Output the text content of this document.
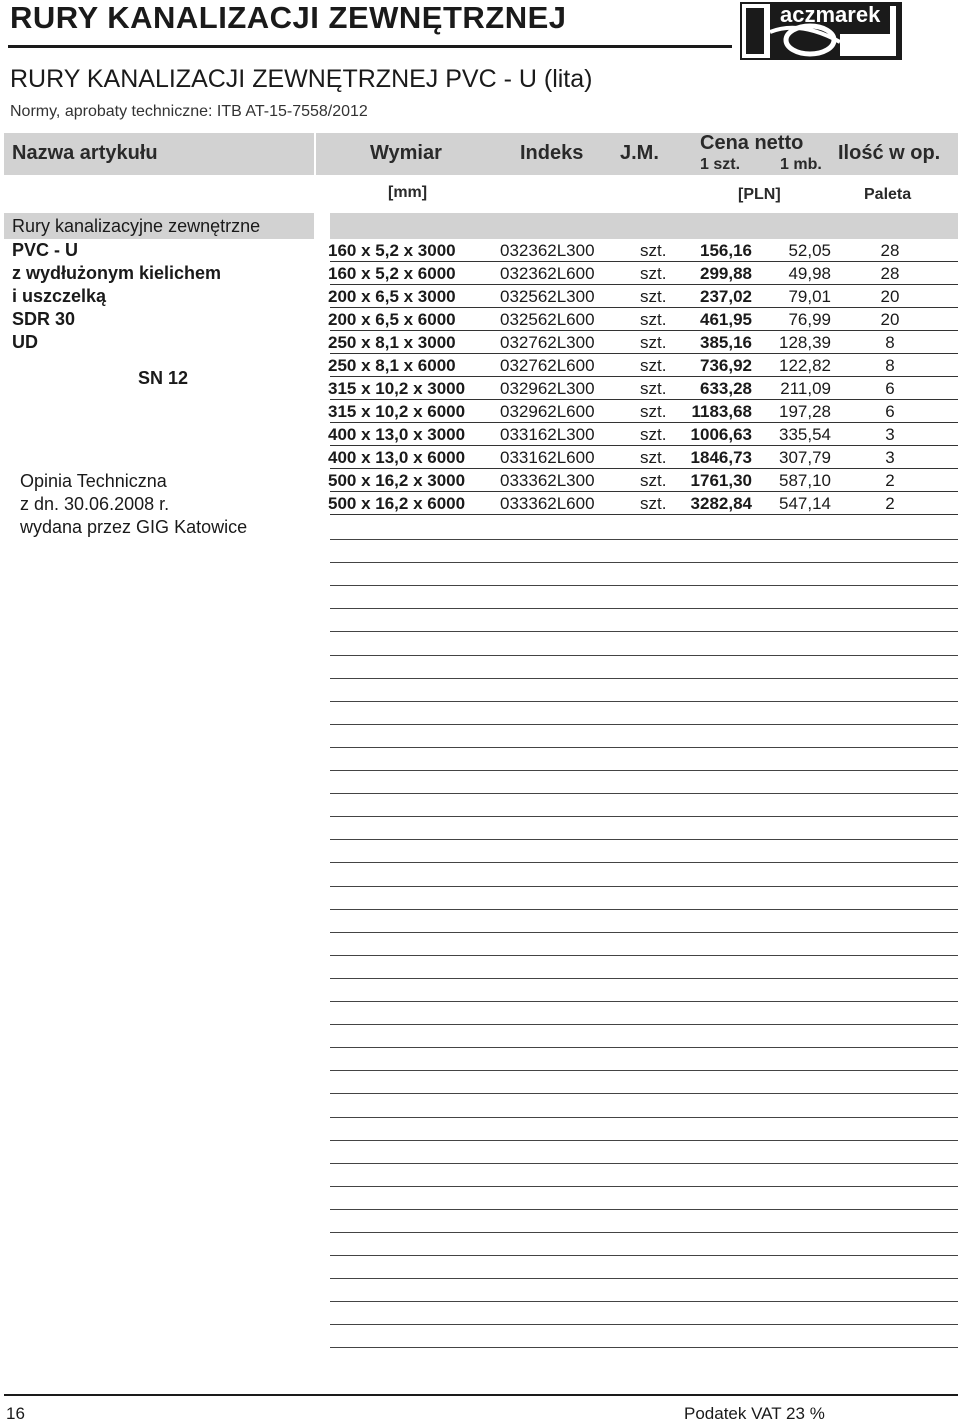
RURY KANALIZACJI ZEWNĘTRZNEJ	aczmarek
RURY KANALIZACJI ZEWNĘTRZNEJ PVC - U (lita)
Normy, aprobaty techniczne: ITB AT-15-7558/2012
Nazwa artykułu	Wymiar	Indeks J.M. Cena netto
1 szt. 1 mb.
Ilość w op.
[mm]	[PLN]	Paleta
Rury kanalizacyjne zewnętrzne
PVC - U
z wydłużonym kielichem
i uszczelką
SDR 30
UD
SN 12
Opinia Techniczna
z dn. 30.06.2008 r.
wydana przez GIG Katowice
160 x 5,2 x 3000	032362L300	szt. 156,16 52,05	28
160 x 5,2 x 6000	032362L600	szt. 299,88 49,98	28
200 x 6,5 x 3000	032562L300	szt. 237,02 79,01	20
200 x 6,5 x 6000	032562L600	szt. 461,95 76,99	20
250 x 8,1 x 3000	032762L300	szt. 385,16 128,39	8
250 x 8,1 x 6000	032762L600	szt. 736,92 122,82	8
315 x 10,2 x 3000 032962L300	szt. 633,28 211,09	6
315 x 10,2 x 6000 032962L600	szt. 1183,68 197,28	6
400 x 13,0 x 3000 033162L300	szt. 1006,63 335,54	3
400 x 13,0 x 6000 033162L600	szt. 1846,73 307,79	3
500 x 16,2 x 3000 033362L300	szt. 1761,30 587,10	2
500 x 16,2 x 6000 033362L600	szt. 3282,84 547,14	2
16	Podatek VAT 23 %
